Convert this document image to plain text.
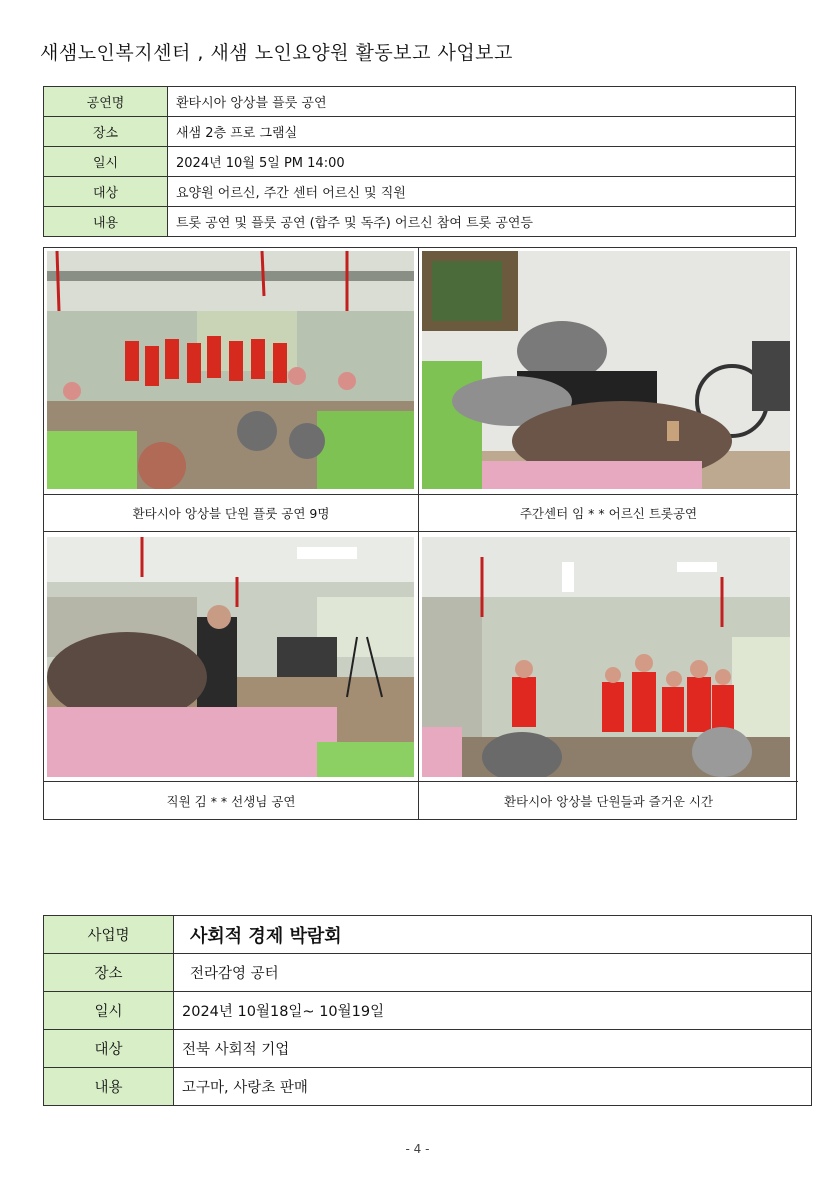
새샘노인복지센터 , 새샘 노인요양원 활동보고 사업보고
공연명	환타시아 앙상블 플룻 공연
장소	새샘 2층 프로 그램실
일시	2024년 10월 5일 PM 14:00
대상	요양원 어르신, 주간 센터 어르신 및 직원
내용	트롯 공연 및 플룻 공연 (합주 및 독주) 어르신 참여 트롯 공연등
환타시아 앙상블 단원 플룻 공연 9명	주간센터 임 * * 어르신 트롯공연
직원 김 * * 선생님 공연	환타시아 앙상블 단원들과 즐거운 시간
사업명	사회적 경제 박람회
장소	전라감영 공터
일시	2024년 10월18일~ 10월19일
대상	전북 사회적 기업
내용	고구마, 사랑초 판매
- 4 -
